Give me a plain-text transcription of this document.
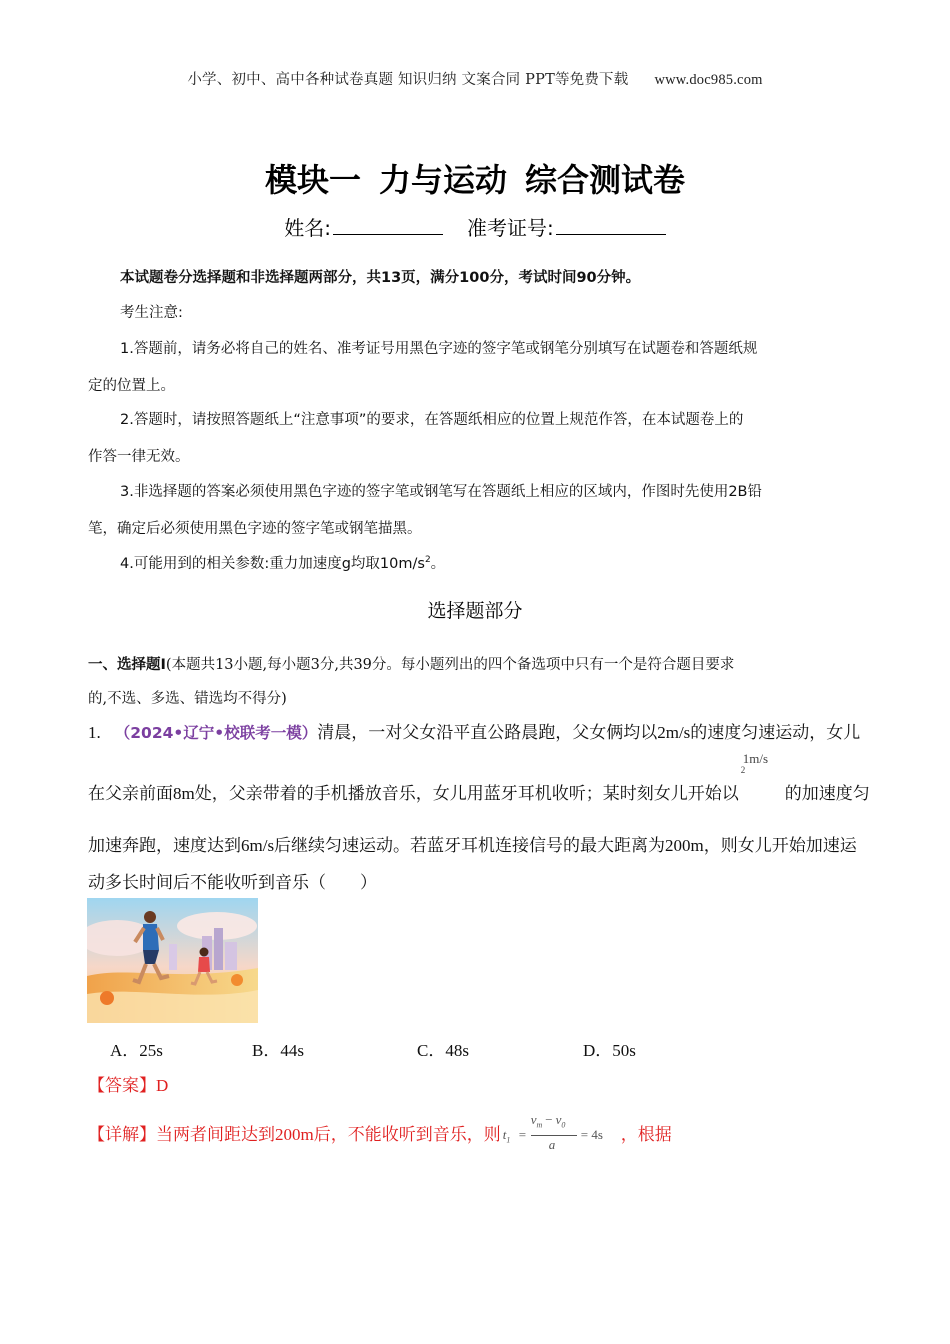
小学、初中、高中各种试卷真题 知识归纳 文案合同 PPT等免费下载 www.doc985.com
模块一 力与运动 综合测试卷
姓名:	准考证号:
本试题卷分选择题和非选择题两部分，共13页，满分100分，考试时间90分钟。
考生注意:
1.答题前，请务必将自己的姓名、准考证号用黑色字迹的签字笔或钢笔分别填写在试题卷和答题纸规
定的位置上。
2.答题时，请按照答题纸上“注意事项”的要求，在答题纸相应的位置上规范作答，在本试题卷上的
作答一律无效。
3.非选择题的答案必须使用黑色字迹的签字笔或钢笔写在答题纸上相应的区域内，作图时先使用2B铅
笔，确定后必须使用黑色字迹的签字笔或钢笔描黑。
4.可能用到的相关参数:重力加速度g均取$10m/s^2$。
选择题部分
一、选择题Ⅰ(本题共13小题,每小题3分,共39分。每小题列出的四个备选项中只有一个是符合题目要求
的,不选、多选、错选均不得分)
1. （2024•辽宁•校联考一模）清晨，一对父女沿平直公路晨跑，父女俩均以2m/s的速度匀速运动，女儿
在父亲前面8m处，父亲带着的手机播放音乐，女儿用蓝牙耳机收听；某时刻女儿开始以
1m/s
$^2$
的加速度匀
加速奔跑，速度达到6m/s后继续匀速运动。若蓝牙耳机连接信号的最大距离为200m，则女儿开始加速运
动多长时间后不能收听到音乐（　　）
A．25s	B．44s	C．48s	D．50s
【答案】D
【详解】当两者间距达到200m后，不能收听到音乐，则 $t_1$ =
$v_m - v_0$
a
= 4s ，根据
